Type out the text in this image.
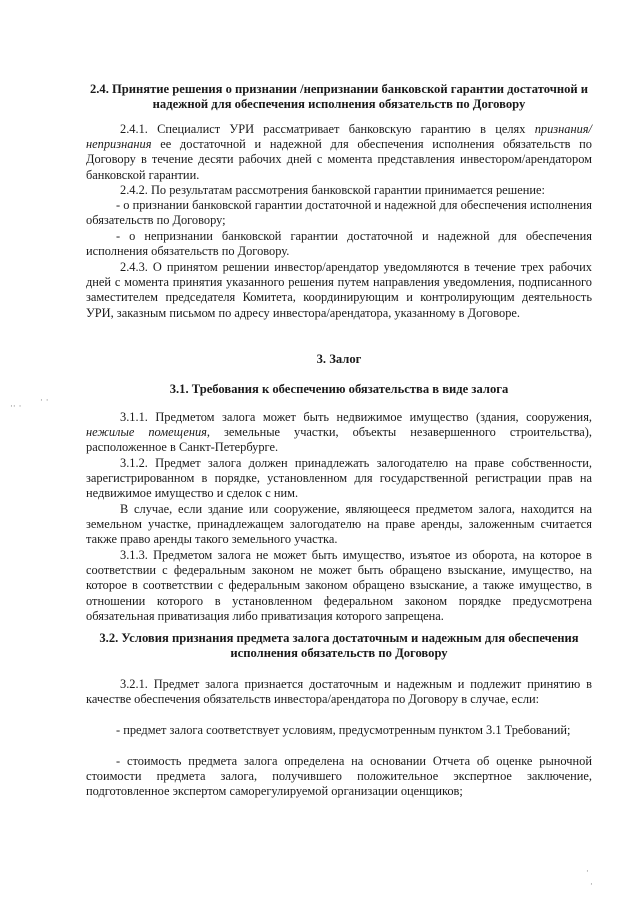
2.4. Принятие решения о признании /непризнании банковской гарантии достаточной и надежной для обеспечения исполнения обязательств по Договору

2.4.1. Специалист УРИ рассматривает банковскую гарантию в целях признания/непризнания ее достаточной и надежной для обеспечения исполнения обязательств по Договору в течение десяти рабочих дней с момента представления инвестором/арендатором банковской гарантии.

2.4.2. По результатам рассмотрения банковской гарантии принимается решение:

- о признании банковской гарантии достаточной и надежной для обеспечения исполнения обязательств по Договору;

- о непризнании банковской гарантии достаточной и надежной для обеспечения исполнения обязательств по Договору.

2.4.3. О принятом решении инвестор/арендатор уведомляются в течение трех рабочих дней с момента принятия указанного решения путем направления уведомления, подписанного заместителем председателя Комитета, координирующим и контролирующим деятельность УРИ, заказным письмом по адресу инвестора/арендатора, указанному в Договоре.

3. Залог
3.1. Требования к обеспечению обязательства в виде залога

3.1.1. Предметом залога может быть недвижимое имущество (здания, сооружения, нежилые помещения, земельные участки, объекты незавершенного строительства), расположенное в Санкт-Петербурге.

3.1.2. Предмет залога должен принадлежать залогодателю на праве собственности, зарегистрированном в порядке, установленном для государственной регистрации прав на недвижимое имущество и сделок с ним.

В случае, если здание или сооружение, являющееся предметом залога, находится на земельном участке, принадлежащем залогодателю на праве аренды, заложенным считается также право аренды такого земельного участка.

3.1.3. Предметом залога не может быть имущество, изъятое из оборота, на которое в соответствии с федеральным законом не может быть обращено взыскание, имущество, на которое в соответствии с федеральным законом обращено взыскание, а также имущество, в отношении которого в установленном федеральном законом порядке предусмотрена обязательная приватизация либо приватизация которого запрещена.

3.2. Условия признания предмета залога достаточным и надежным для обеспечения исполнения обязательств по Договору

3.2.1. Предмет залога признается достаточным и надежным и подлежит принятию в качестве обеспечения обязательств инвестора/арендатора по Договору в случае, если:

- предмет залога соответствует условиям, предусмотренным пунктом 3.1 Требований;

- стоимость предмета залога определена на основании Отчета об оценке рыночной стоимости предмета залога, получившего положительное экспертное заключение, подготовленное экспертом саморегулируемой организации оценщиков;

·· ·
· ·
·
·
